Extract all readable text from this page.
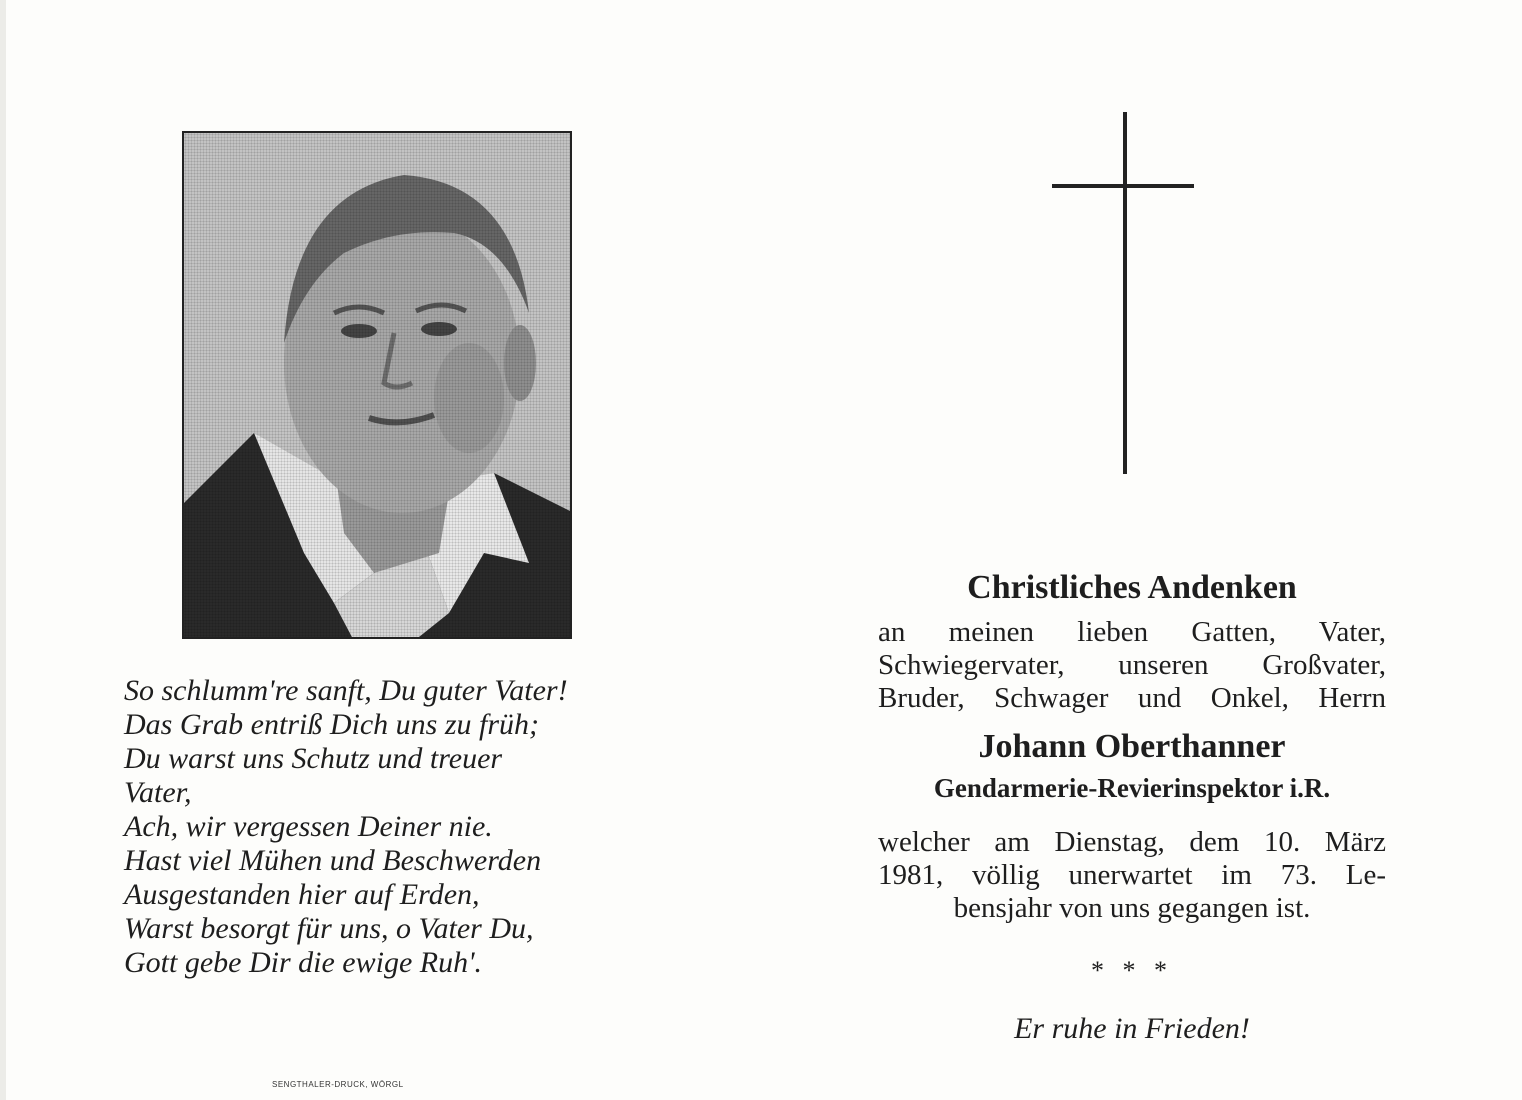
So schlumm're sanft, Du guter Vater!
Das Grab entriß Dich uns zu früh;
Du warst uns Schutz und treuer
Vater,
Ach, wir vergessen Deiner nie.
Hast viel Mühen und Beschwerden
Ausgestanden hier auf Erden,
Warst besorgt für uns, o Vater Du,
Gott gebe Dir die ewige Ruh'.
SENGTHALER-DRUCK, WÖRGL
Christliches Andenken
an meinen lieben Gatten, Vater,
Schwiegervater, unseren Großvater,
Bruder, Schwager und Onkel, Herrn
Johann Oberthanner
Gendarmerie-Revierinspektor i.R.
welcher am Dienstag, dem 10. März
1981, völlig unerwartet im 73. Le-
bensjahr von uns gegangen ist.
* * *
Er ruhe in Frieden!
